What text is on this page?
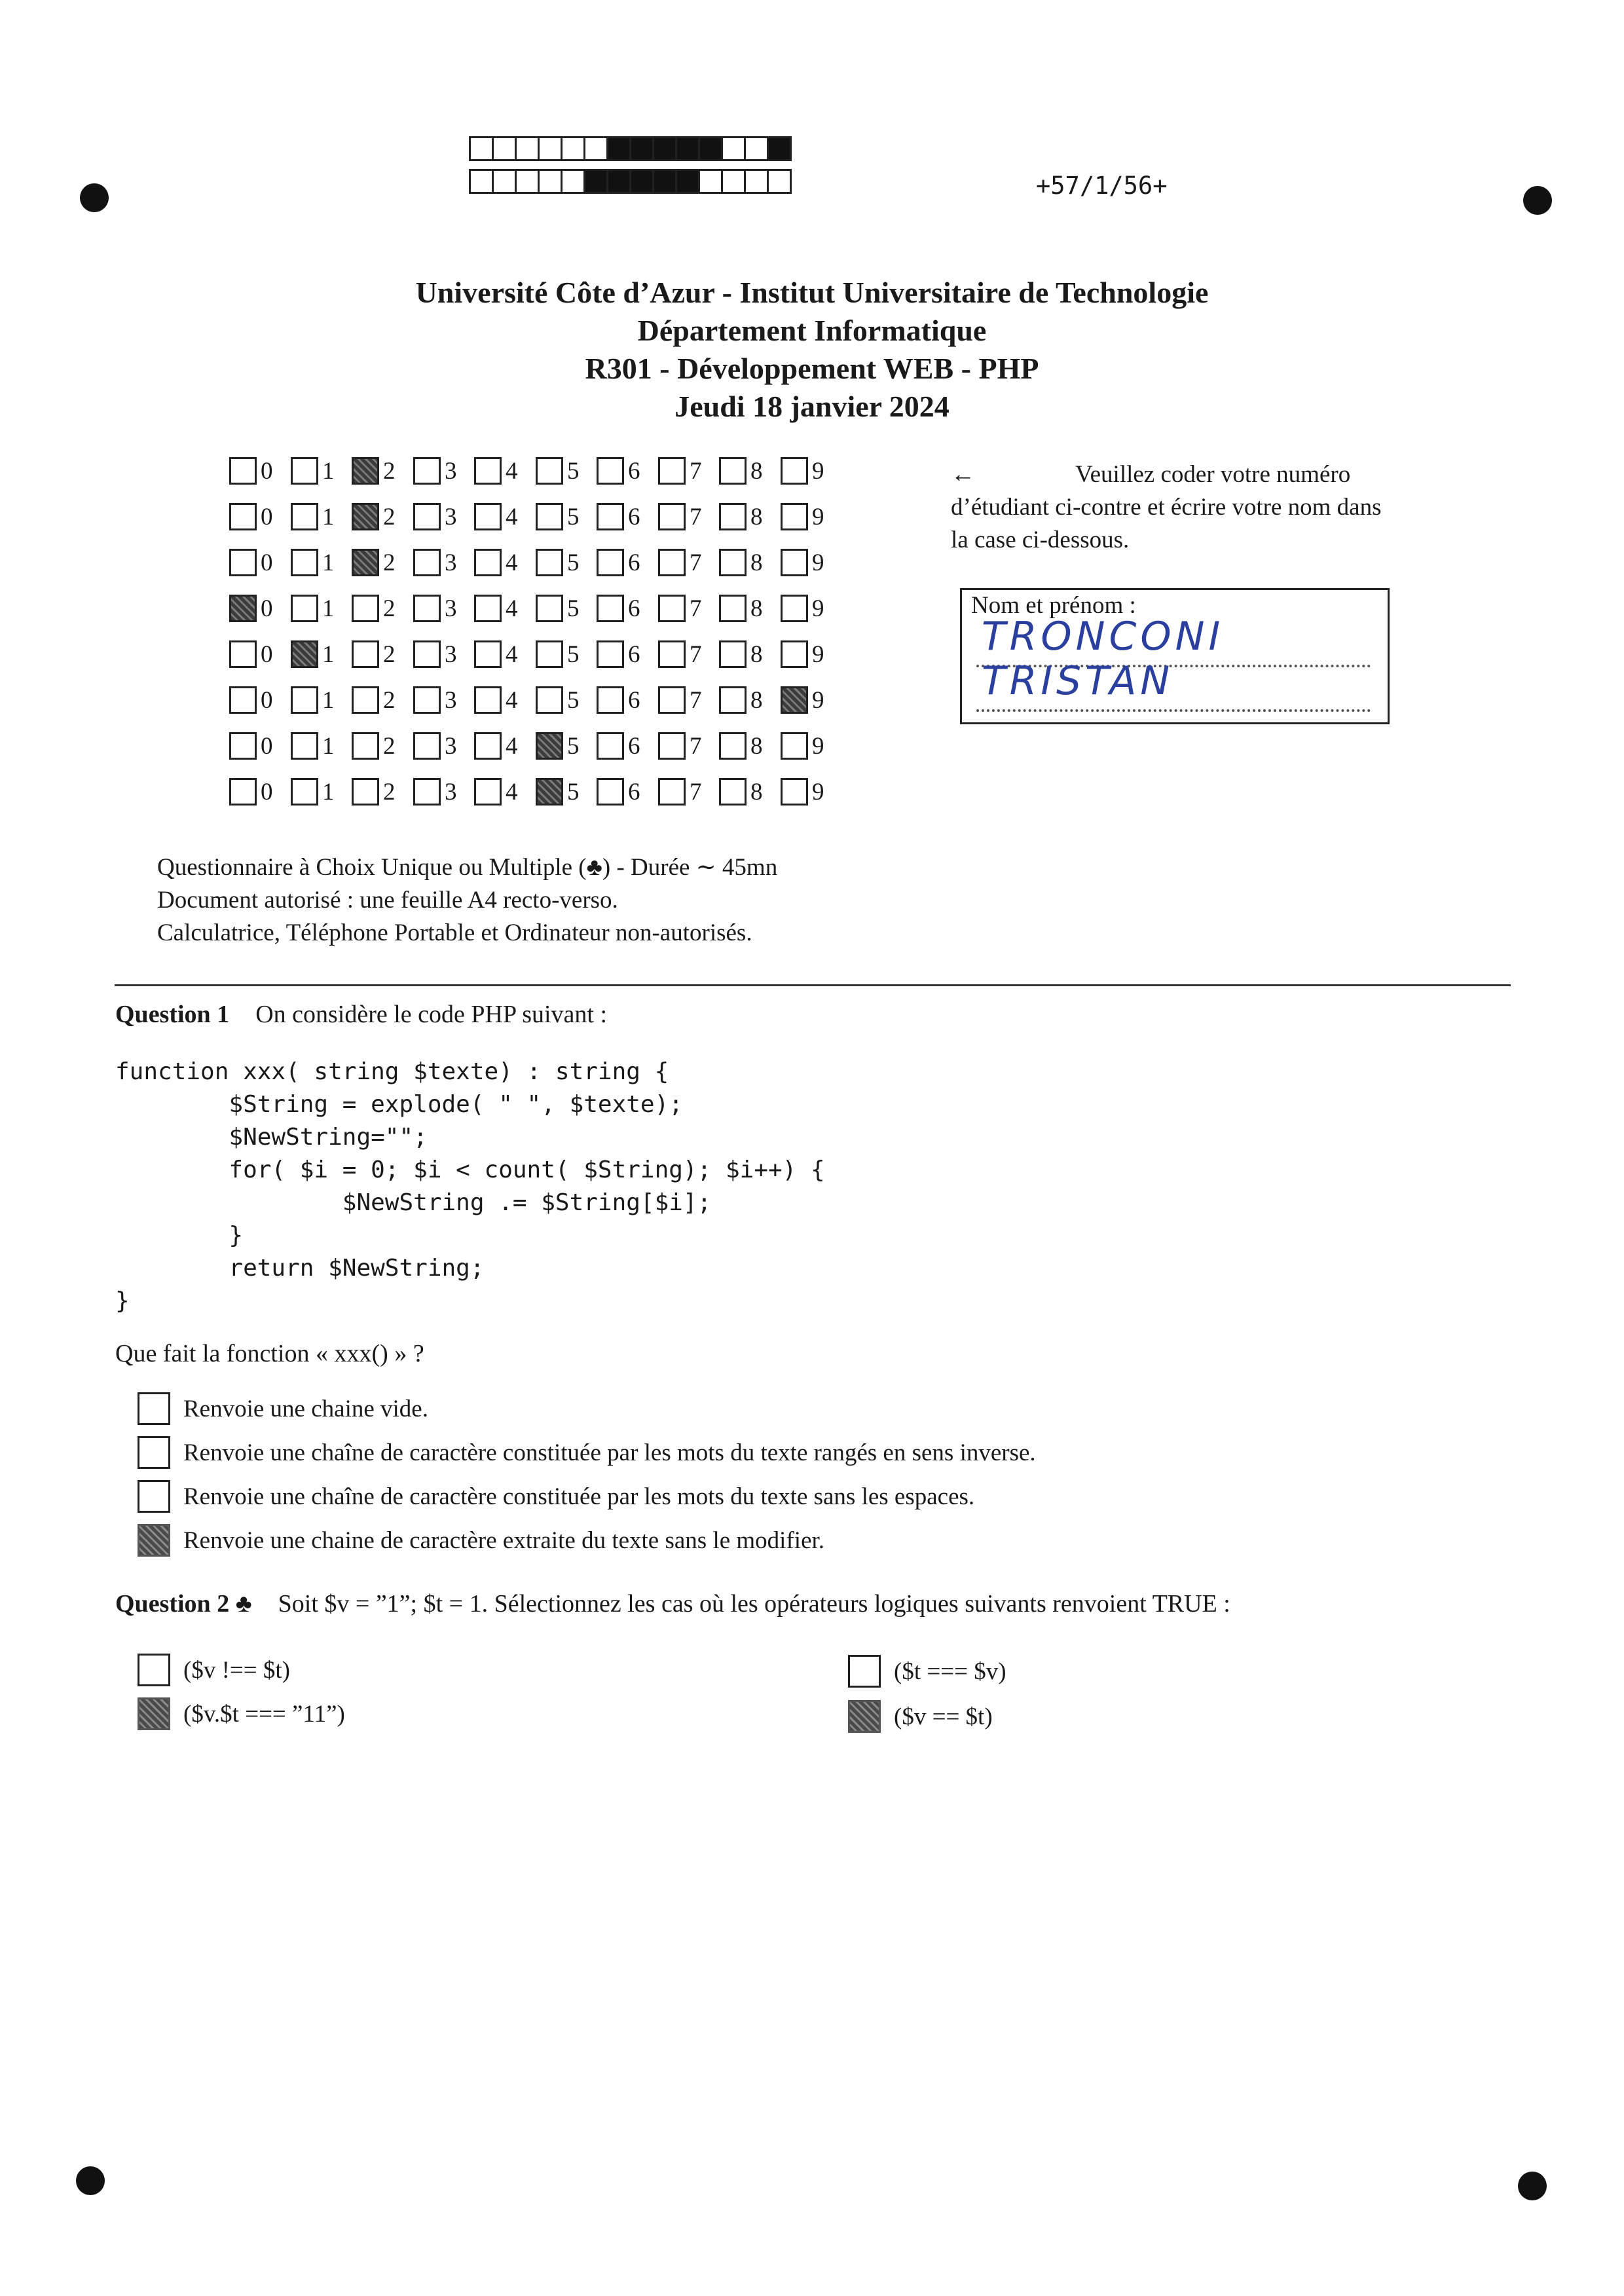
+57/1/56+
Université Côte d’Azur - Institut Universitaire de Technologie
Département Informatique
R301 - Développement WEB - PHP
Jeudi 18 janvier 2024
0 1 2 3 4 5 6 7 8 9
0 1 2 3 4 5 6 7 8 9
0 1 2 3 4 5 6 7 8 9
0 1 2 3 4 5 6 7 8 9
0 1 2 3 4 5 6 7 8 9
0 1 2 3 4 5 6 7 8 9
0 1 2 3 4 5 6 7 8 9
0 1 2 3 4 5 6 7 8 9
←	Veuillez coder votre numéro d’étudiant ci-contre et écrire votre nom dans la case ci-dessous.
Nom et prénom :
TRONCONI
TRISTAN
Questionnaire à Choix Unique ou Multiple (♣) - Durée ∼ 45mn
Document autorisé : une feuille A4 recto-verso.
Calculatrice, Téléphone Portable et Ordinateur non-autorisés.
Question 1 On considère le code PHP suivant :
function xxx( string $texte) : string {
$String = explode( " ", $texte);
$NewString="";
for( $i = 0; $i < count( $String); $i++) {
$NewString .= $String[$i];
}
return $NewString;
}
Que fait la fonction « xxx() » ?
Renvoie une chaine vide.
Renvoie une chaîne de caractère constituée par les mots du texte rangés en sens inverse.
Renvoie une chaîne de caractère constituée par les mots du texte sans les espaces.
Renvoie une chaine de caractère extraite du texte sans le modifier.
Question 2 ♣ Soit $v = ”1”; $t = 1. Sélectionnez les cas où les opérateurs logiques suivants renvoient TRUE :
($v !== $t)	($t === $v)
($v.$t === ”11”)	($v == $t)
